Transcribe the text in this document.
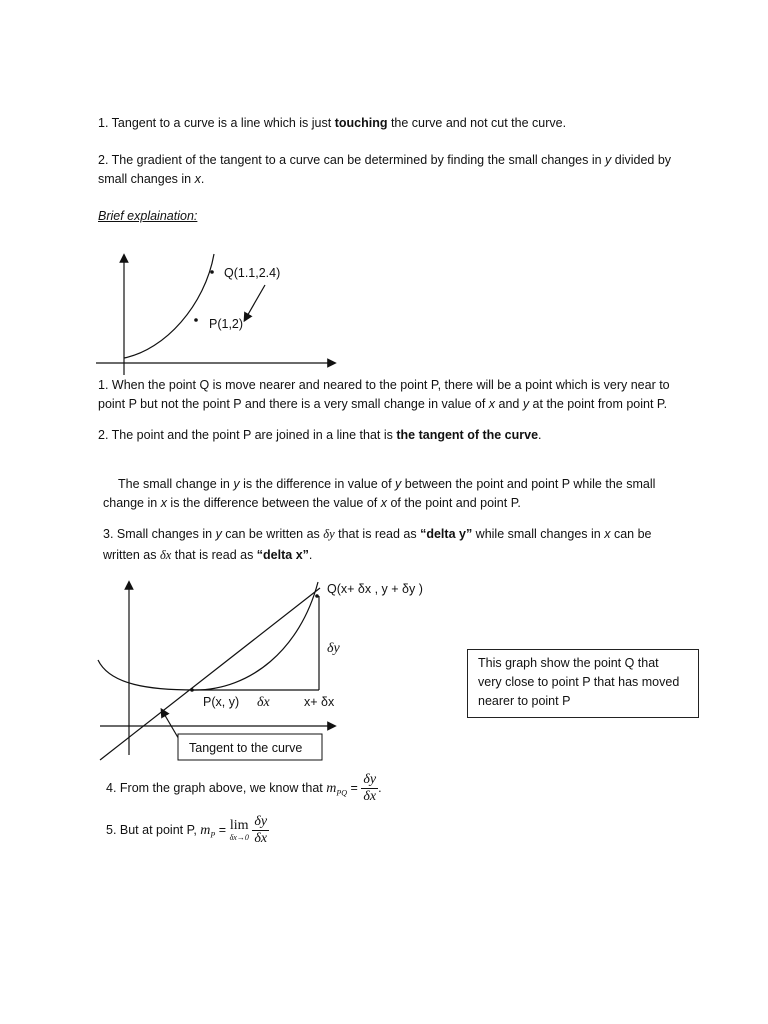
1. Tangent to a curve is a line which is just touching the curve and not cut the curve.
2. The gradient of the tangent to a curve can be determined by finding the small changes in y divided by
small changes in x.
Brief explaination:
Q(1.1,2.4)
P(1,2)
Q(x+ δx , y + δy )
δy
P(x, y) δx	x+ δx
Tangent to the curve
1. When the point Q is move nearer and neared to the point P, there will be a point which is very near to
point P but not the point P and there is a very small change in value of x and y at the point from point P.
2. The point and the point P are joined in a line that is the tangent of the curve.
The small change in y is the difference in value of y between the point and point P while the small
change in x is the difference between the value of x of the point and point P.
3. Small changes in y can be written as δy that is read as “delta y” while small changes in x can be
written as δx that is read as “delta x”.
This graph show the point Q that
very close to point P that has moved
nearer to point P
4. From the graph above, we know that $m_{PQ} = \frac{\delta y}{\delta x}$ .
5. But at point P, $m_P = \lim$
δx→0
$\frac{\delta y}{\delta x}$
